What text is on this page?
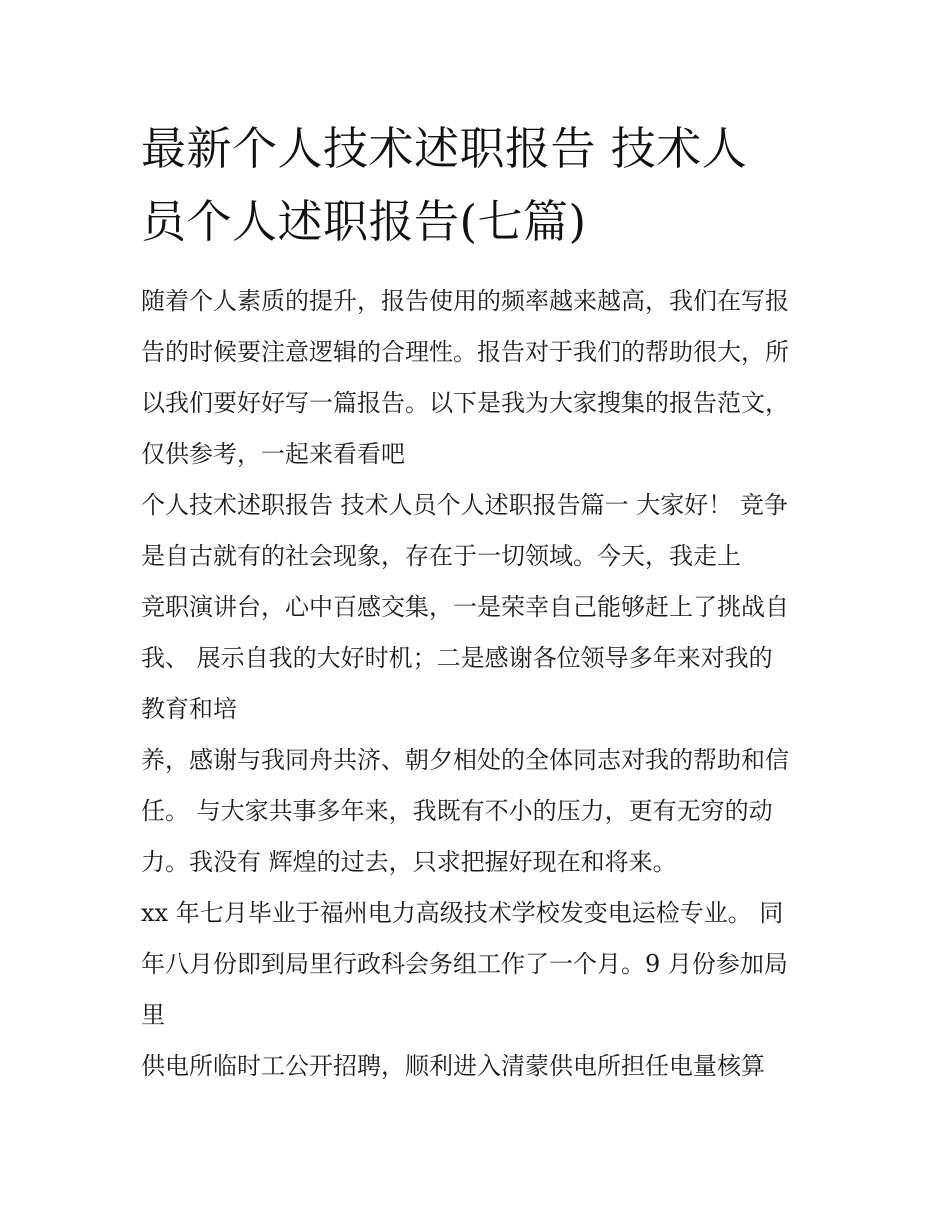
最新个人技术述职报告 技术人
员个人述职报告(七篇)

随着个人素质的提升，报告使用的频率越来越高，我们在写报

告的时候要注意逻辑的合理性。报告对于我们的帮助很大，所

以我们要好好写一篇报告。以下是我为大家搜集的报告范文，

仅供参考，一起来看看吧

个人技术述职报告 技术人员个人述职报告篇一 大家好！ 竞争

是自古就有的社会现象，存在于一切领域。今天，我走上

竞职演讲台，心中百感交集，一是荣幸自己能够赶上了挑战自

我、 展示自我的大好时机；二是感谢各位领导多年来对我的

教育和培

养，感谢与我同舟共济、朝夕相处的全体同志对我的帮助和信

任。 与大家共事多年来，我既有不小的压力，更有无穷的动

力。我没有 辉煌的过去，只求把握好现在和将来。

xx 年七月毕业于福州电力高级技术学校发变电运检专业。 同

年八月份即到局里行政科会务组工作了一个月。9 月份参加局

里

供电所临时工公开招聘，顺利进入清蒙供电所担任电量核算
